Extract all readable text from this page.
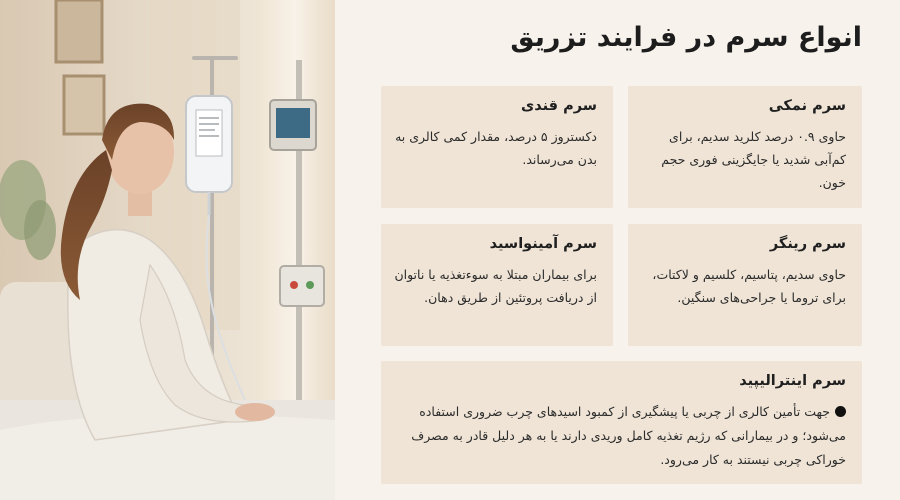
انواع سرم در فرایند تزریق
سرم نمکی

حاوی ۰.۹ درصد کلرید سدیم، برای کم‌آبی شدید یا جایگزینی فوری حجم خون.

سرم قندی

دکستروز ۵ درصد، مقدار کمی کالری به بدن می‌رساند.

سرم رینگر

حاوی سدیم، پتاسیم، کلسیم و لاکتات، برای تروما یا جراحی‌های سنگین.

سرم آمینواسید

برای بیماران مبتلا به سوءتغذیه یا ناتوان از دریافت پروتئین از طریق دهان.

سرم اینترالیپید

جهت تأمین کالری از چربی یا پیشگیری از کمبود اسیدهای چرب ضروری استفاده می‌شود؛ و در بیمارانی که رژیم تغذیه کامل وریدی دارند یا به هر دلیل قادر به مصرف خوراکی چربی نیستند به کار می‌رود.
